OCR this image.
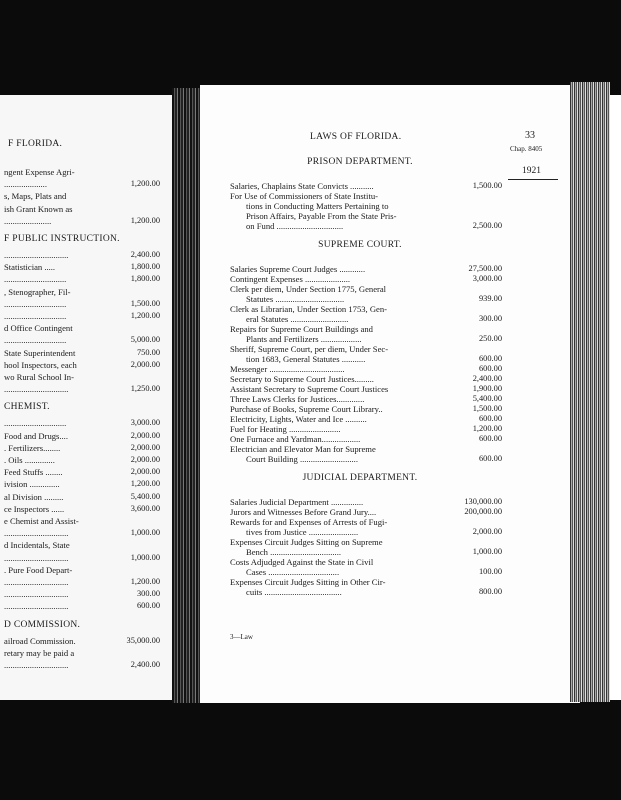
F FLORIDA.
ngent Expense Agri-
....................	1,200.00
s, Maps, Plats and
ish Grant Known as
......................	1,200.00
F PUBLIC INSTRUCTION.
..............................	2,400.00
Statistician .....	1,800.00
.............................	1,800.00
, Stenographer, Fil-
.............................	1,500.00
.............................	1,200.00
d Office Contingent
.............................	5,000.00
State Superintendent	750.00
hool Inspectors, each	2,000.00
wo Rural School In-
..............................	1,250.00
CHEMIST.
.............................	3,000.00
Food and Drugs....	2,000.00
. Fertilizers........	2,000.00
. Oils ..............	2,000.00
Feed Stuffs ........	2,000.00
ivision ..............	1,200.00
al Division .........	5,400.00
ce Inspectors ......	3,600.00
e Chemist and Assist-
..............................	1,000.00
d Incidentals, State
..............................	1,000.00
. Pure Food Depart-
..............................	1,200.00
..............................	300.00
..............................	600.00
D COMMISSION.
ailroad Commission.	35,000.00
retary may be paid a
..............................	2,400.00
LAWS OF FLORIDA.	33
Chap. 8405
1921
PRISON DEPARTMENT.
Salaries, Chaplains State Convicts ...........	1,500.00
For Use of Commissioners of State Institu-
tions in Conducting Matters Pertaining to
Prison Affairs, Payable From the State Pris-
on Fund ...............................	2,500.00
SUPREME COURT.
Salaries Supreme Court Judges ............	27,500.00
Contingent Expenses .....................	3,000.00
Clerk per diem, Under Section 1775, General
Statutes ................................	939.00
Clerk as Librarian, Under Section 1753, Gen-
eral Statutes ...........................	300.00
Repairs for Supreme Court Buildings and
Plants and Fertilizers ...................	250.00
Sheriff, Supreme Court, per diem, Under Sec-
tion 1683, General Statutes ...........	600.00
Messenger ...................................	600.00
Secretary to Supreme Court Justices.........	2,400.00
Assistant Secretary to Supreme Court Justices	1,900.00
Three Laws Clerks for Justices.............	5,400.00
Purchase of Books, Supreme Court Library..	1,500.00
Electricity, Lights, Water and Ice ..........	600.00
Fuel for Heating ........................	1,200.00
One Furnace and Yardman..................	600.00
Electrician and Elevator Man for Supreme
Court Building ...........................	600.00
JUDICIAL DEPARTMENT.
Salaries Judicial Department ...............	130,000.00
Jurors and Witnesses Before Grand Jury....	200,000.00
Rewards for and Expenses of Arrests of Fugi-
tives from Justice .......................	2,000.00
Expenses Circuit Judges Sitting on Supreme
Bench .................................	1,000.00
Costs Adjudged Against the State in Civil
Cases .................................	100.00
Expenses Circuit Judges Sitting in Other Cir-
cuits ....................................	800.00
3—Law
